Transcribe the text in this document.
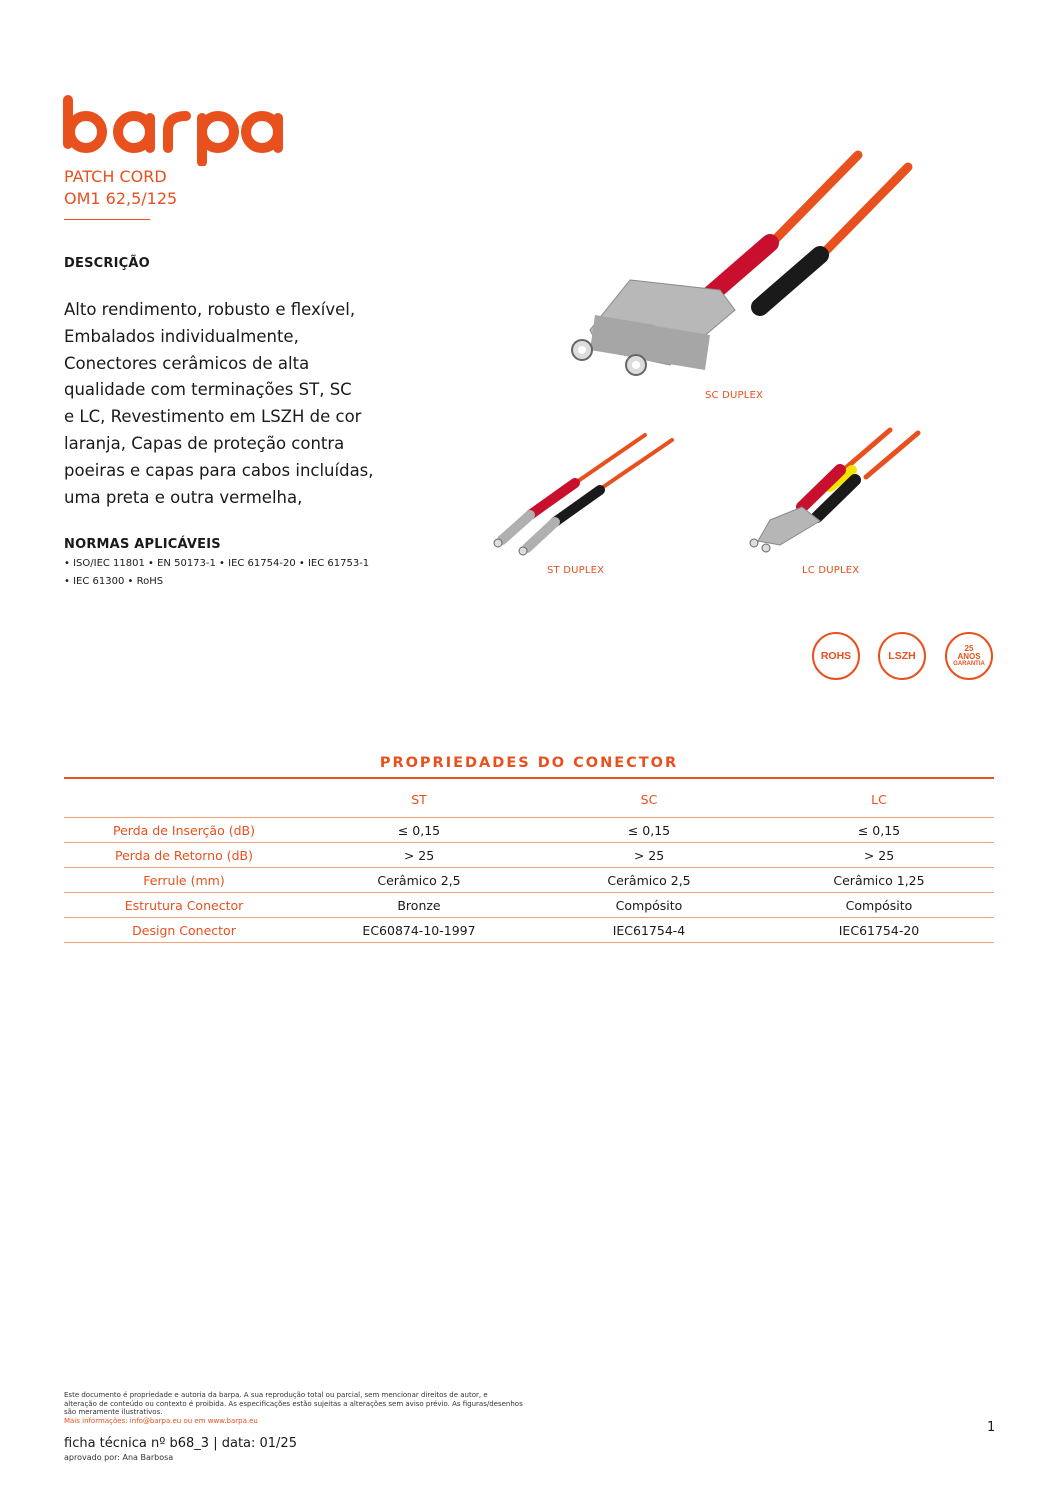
PATCH CORD
OM1 62,5/125
DESCRIÇÃO
Alto rendimento, robusto e flexível,
Embalados individualmente,
Conectores cerâmicos de alta
qualidade com terminações ST, SC
e LC, Revestimento em LSZH de cor
laranja, Capas de proteção contra
poeiras e capas para cabos incluídas,
uma preta e outra vermelha,
NORMAS APLICÁVEIS
• ISO/IEC 11801 • EN 50173-1 • IEC 61754-20 • IEC 61753-1
• IEC 61300 • RoHS
SC DUPLEX
ST DUPLEX	LC DUPLEX
ROHS	LSZH
25
ANOS
GARANTIA
PROPRIEDADES DO CONECTOR
	ST	SC	LC
Perda de Inserção (dB)	≤ 0,15	≤ 0,15	≤ 0,15
Perda de Retorno (dB)	> 25	> 25	> 25
Ferrule (mm)	Cerâmico 2,5	Cerâmico 2,5	Cerâmico 1,25
Estrutura Conector	Bronze	Compósito	Compósito
Design Conector	EC60874-10-1997	IEC61754-4	IEC61754-20
Este documento é propriedade e autoria da barpa. A sua reprodução total ou parcial, sem mencionar direitos de autor, e
alteração de conteúdo ou contexto é proibida. As especificações estão sujeitas a alterações sem aviso prévio. As figuras/desenhos
são meramente ilustrativos.
Mais informações: info@barpa.eu ou em www.barpa.eu
ficha técnica nº b68_3 | data: 01/25
aprovado por: Ana Barbosa
1
